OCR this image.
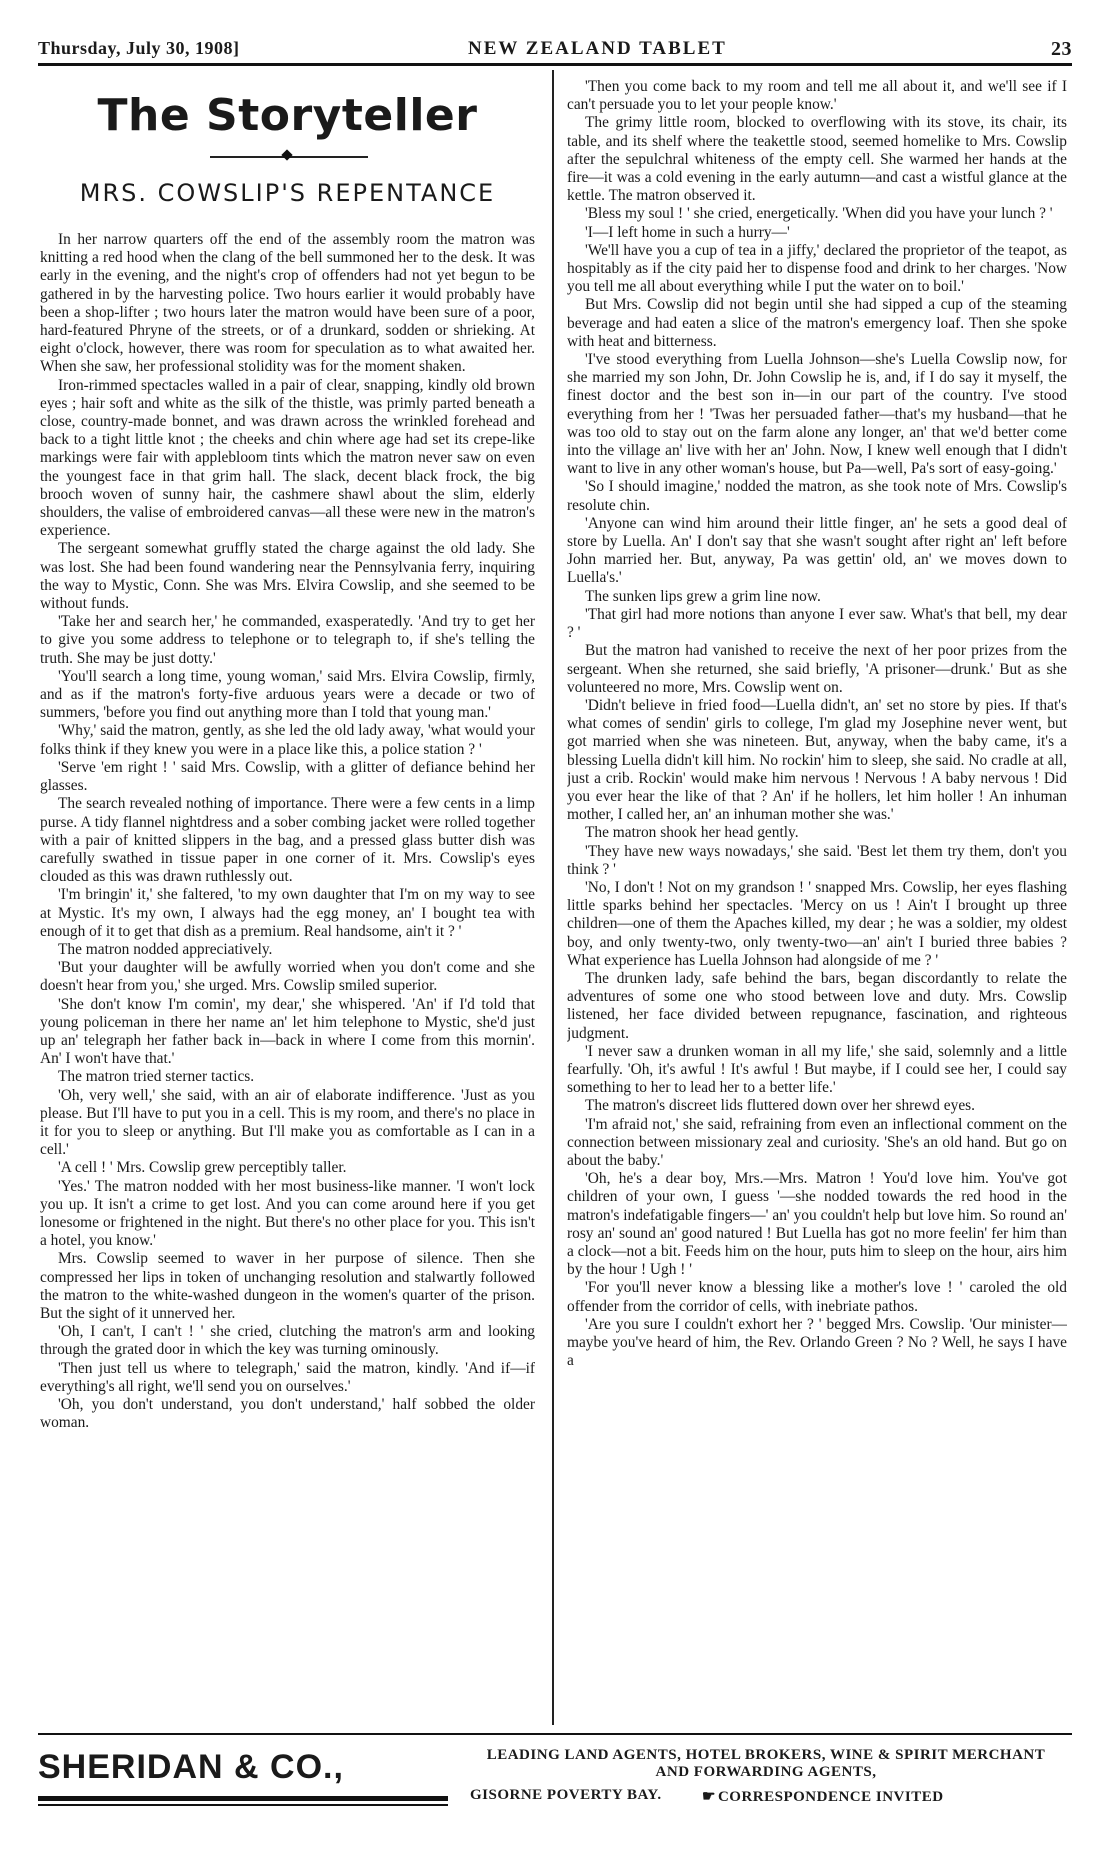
Thursday, July 30, 1908]	NEW ZEALAND TABLET	23
The Storyteller
MRS. COWSLIP'S REPENTANCE

In her narrow quarters off the end of the assembly room the matron was knitting a red hood when the clang of the bell summoned her to the desk. It was early in the evening, and the night's crop of offenders had not yet begun to be gathered in by the harvesting police. Two hours earlier it would probably have been a shop-lifter ; two hours later the matron would have been sure of a poor, hard-featured Phryne of the streets, or of a drunkard, sodden or shrieking. At eight o'clock, however, there was room for speculation as to what awaited her. When she saw, her professional stolidity was for the moment shaken.

Iron-rimmed spectacles walled in a pair of clear, snapping, kindly old brown eyes ; hair soft and white as the silk of the thistle, was primly parted beneath a close, country-made bonnet, and was drawn across the wrinkled forehead and back to a tight little knot ; the cheeks and chin where age had set its crepe-like markings were fair with applebloom tints which the matron never saw on even the youngest face in that grim hall. The slack, decent black frock, the big brooch woven of sunny hair, the cashmere shawl about the slim, elderly shoulders, the valise of embroidered canvas—all these were new in the matron's experience.

The sergeant somewhat gruffly stated the charge against the old lady. She was lost. She had been found wandering near the Pennsylvania ferry, inquiring the way to Mystic, Conn. She was Mrs. Elvira Cowslip, and she seemed to be without funds.

'Take her and search her,' he commanded, exasperatedly. 'And try to get her to give you some address to telephone or to telegraph to, if she's telling the truth. She may be just dotty.'

'You'll search a long time, young woman,' said Mrs. Elvira Cowslip, firmly, and as if the matron's forty-five arduous years were a decade or two of summers, 'before you find out anything more than I told that young man.'

'Why,' said the matron, gently, as she led the old lady away, 'what would your folks think if they knew you were in a place like this, a police station ? '

'Serve 'em right ! ' said Mrs. Cowslip, with a glitter of defiance behind her glasses.

The search revealed nothing of importance. There were a few cents in a limp purse. A tidy flannel nightdress and a sober combing jacket were rolled together with a pair of knitted slippers in the bag, and a pressed glass butter dish was carefully swathed in tissue paper in one corner of it. Mrs. Cowslip's eyes clouded as this was drawn ruthlessly out.

'I'm bringin' it,' she faltered, 'to my own daughter that I'm on my way to see at Mystic. It's my own, I always had the egg money, an' I bought tea with enough of it to get that dish as a premium. Real handsome, ain't it ? '

The matron nodded appreciatively.

'But your daughter will be awfully worried when you don't come and she doesn't hear from you,' she urged. Mrs. Cowslip smiled superior.

'She don't know I'm comin', my dear,' she whispered. 'An' if I'd told that young policeman in there her name an' let him telephone to Mystic, she'd just up an' telegraph her father back in—back in where I come from this mornin'. An' I won't have that.'

The matron tried sterner tactics.

'Oh, very well,' she said, with an air of elaborate indifference. 'Just as you please. But I'll have to put you in a cell. This is my room, and there's no place in it for you to sleep or anything. But I'll make you as comfortable as I can in a cell.'

'A cell ! ' Mrs. Cowslip grew perceptibly taller.

'Yes.' The matron nodded with her most business-like manner. 'I won't lock you up. It isn't a crime to get lost. And you can come around here if you get lonesome or frightened in the night. But there's no other place for you. This isn't a hotel, you know.'

Mrs. Cowslip seemed to waver in her purpose of silence. Then she compressed her lips in token of unchanging resolution and stalwartly followed the matron to the white-washed dungeon in the women's quarter of the prison. But the sight of it unnerved her.

'Oh, I can't, I can't ! ' she cried, clutching the matron's arm and looking through the grated door in which the key was turning ominously.

'Then just tell us where to telegraph,' said the matron, kindly. 'And if—if everything's all right, we'll send you on ourselves.'

'Oh, you don't understand, you don't understand,' half sobbed the older woman.

'Then you come back to my room and tell me all about it, and we'll see if I can't persuade you to let your people know.'

The grimy little room, blocked to overflowing with its stove, its chair, its table, and its shelf where the teakettle stood, seemed homelike to Mrs. Cowslip after the sepulchral whiteness of the empty cell. She warmed her hands at the fire—it was a cold evening in the early autumn—and cast a wistful glance at the kettle. The matron observed it.

'Bless my soul ! ' she cried, energetically. 'When did you have your lunch ? '

'I—I left home in such a hurry—'

'We'll have you a cup of tea in a jiffy,' declared the proprietor of the teapot, as hospitably as if the city paid her to dispense food and drink to her charges. 'Now you tell me all about everything while I put the water on to boil.'

But Mrs. Cowslip did not begin until she had sipped a cup of the steaming beverage and had eaten a slice of the matron's emergency loaf. Then she spoke with heat and bitterness.

'I've stood everything from Luella Johnson—she's Luella Cowslip now, for she married my son John, Dr. John Cowslip he is, and, if I do say it myself, the finest doctor and the best son in—in our part of the country. I've stood everything from her ! 'Twas her persuaded father—that's my husband—that he was too old to stay out on the farm alone any longer, an' that we'd better come into the village an' live with her an' John. Now, I knew well enough that I didn't want to live in any other woman's house, but Pa—well, Pa's sort of easy-going.'

'So I should imagine,' nodded the matron, as she took note of Mrs. Cowslip's resolute chin.

'Anyone can wind him around their little finger, an' he sets a good deal of store by Luella. An' I don't say that she wasn't sought after right an' left before John married her. But, anyway, Pa was gettin' old, an' we moves down to Luella's.'

The sunken lips grew a grim line now.

'That girl had more notions than anyone I ever saw. What's that bell, my dear ? '

But the matron had vanished to receive the next of her poor prizes from the sergeant. When she returned, she said briefly, 'A prisoner—drunk.' But as she volunteered no more, Mrs. Cowslip went on.

'Didn't believe in fried food—Luella didn't, an' set no store by pies. If that's what comes of sendin' girls to college, I'm glad my Josephine never went, but got married when she was nineteen. But, anyway, when the baby came, it's a blessing Luella didn't kill him. No rockin' him to sleep, she said. No cradle at all, just a crib. Rockin' would make him nervous ! Nervous ! A baby nervous ! Did you ever hear the like of that ? An' if he hollers, let him holler ! An inhuman mother, I called her, an' an inhuman mother she was.'

The matron shook her head gently.

'They have new ways nowadays,' she said. 'Best let them try them, don't you think ? '

'No, I don't ! Not on my grandson ! ' snapped Mrs. Cowslip, her eyes flashing little sparks behind her spectacles. 'Mercy on us ! Ain't I brought up three children—one of them the Apaches killed, my dear ; he was a soldier, my oldest boy, and only twenty-two, only twenty-two—an' ain't I buried three babies ? What experience has Luella Johnson had alongside of me ? '

The drunken lady, safe behind the bars, began discordantly to relate the adventures of some one who stood between love and duty. Mrs. Cowslip listened, her face divided between repugnance, fascination, and righteous judgment.

'I never saw a drunken woman in all my life,' she said, solemnly and a little fearfully. 'Oh, it's awful ! It's awful ! But maybe, if I could see her, I could say something to her to lead her to a better life.'

The matron's discreet lids fluttered down over her shrewd eyes.

'I'm afraid not,' she said, refraining from even an inflectional comment on the connection between missionary zeal and curiosity. 'She's an old hand. But go on about the baby.'

'Oh, he's a dear boy, Mrs.—Mrs. Matron ! You'd love him. You've got children of your own, I guess '—she nodded towards the red hood in the matron's indefatigable fingers—' an' you couldn't help but love him. So round an' rosy an' sound an' good natured ! But Luella has got no more feelin' fer him than a clock—not a bit. Feeds him on the hour, puts him to sleep on the hour, airs him by the hour ! Ugh ! '

'For you'll never know a blessing like a mother's love ! ' caroled the old offender from the corridor of cells, with inebriate pathos.

'Are you sure I couldn't exhort her ? ' begged Mrs. Cowslip. 'Our minister—maybe you've heard of him, the Rev. Orlando Green ? No ? Well, he says I have a

SHERIDAN & CO.,	LEADING LAND AGENTS, HOTEL BROKERS, WINE & SPIRIT MERCHANT
AND FORWARDING AGENTS,
GISORNE POVERTY BAY.	☛ CORRESPONDENCE INVITED
